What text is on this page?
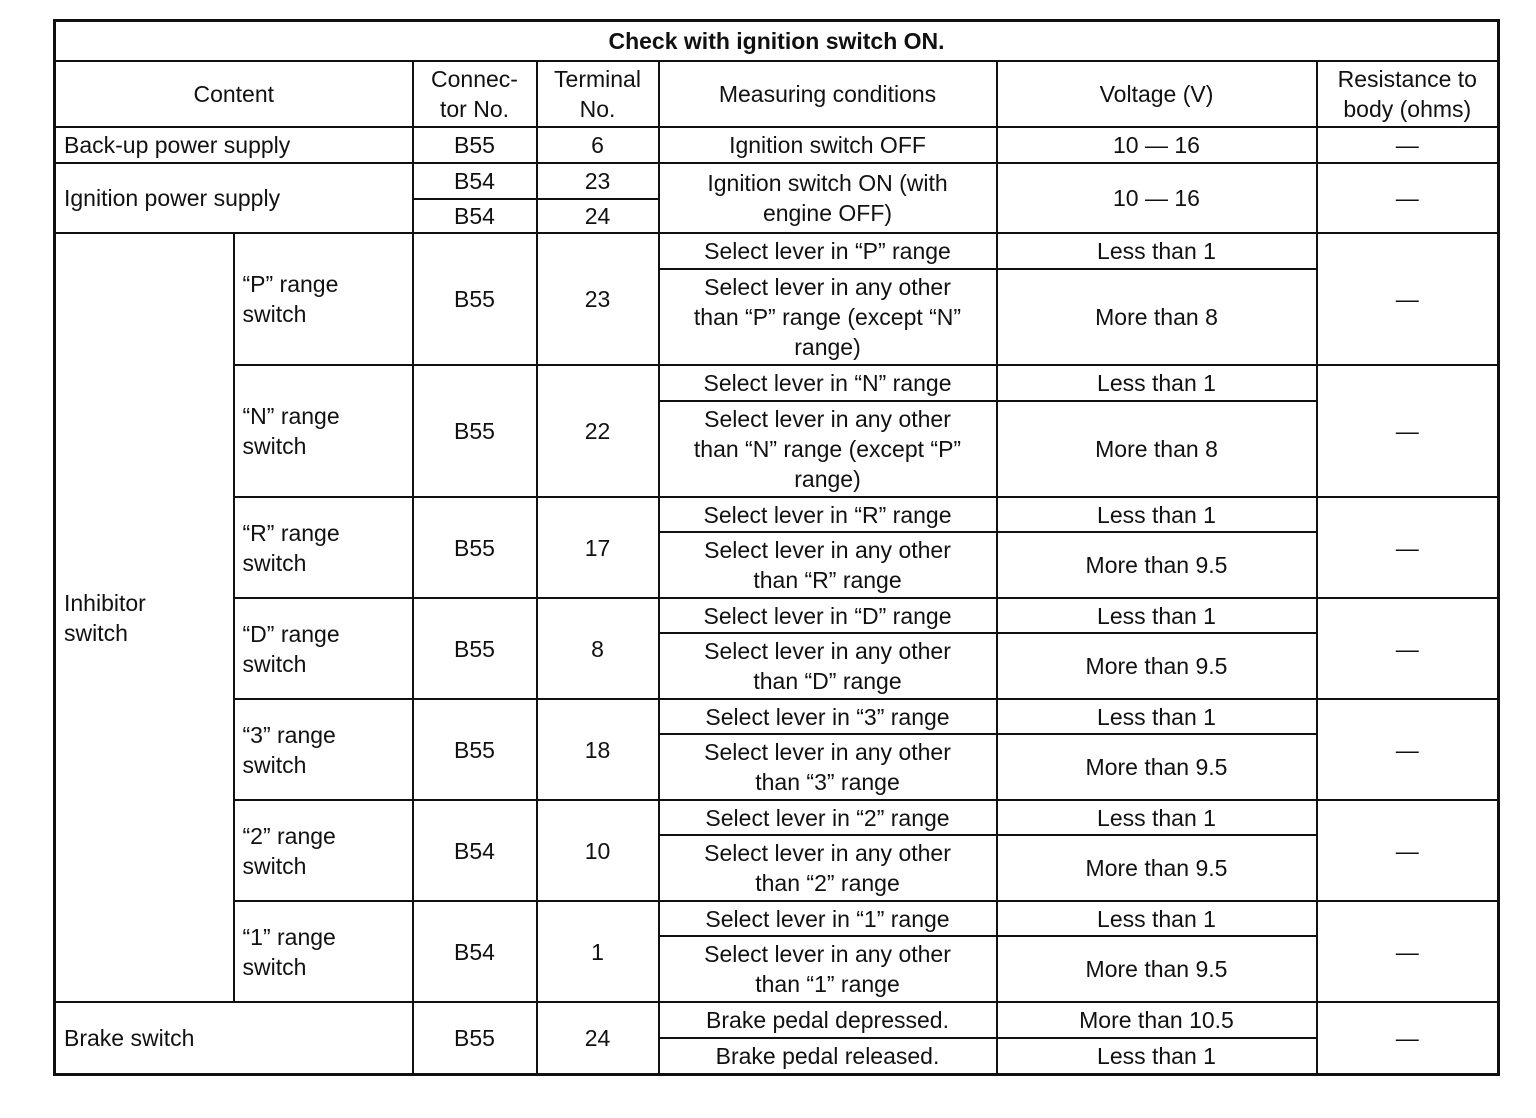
Check with ignition switch ON.						
Content		Connec-
tor No.	Terminal
No.	Measuring conditions	Voltage (V)	Resistance to
body (ohms)

Back-up power supply		B55	6	Ignition switch OFF	10 — 16	—
Ignition power supply		B54	23	Ignition switch ON (with
engine OFF)	10 — 16	—
		B54	24			

Inhibitor
switch	“P” range
switch	B55	23	Select lever in “P” range	Less than 1	—

				Select lever in any other
than “P” range (except “N”
range)	More than 8	

	“N” range
switch	B55	22	Select lever in “N” range	Less than 1	—

				Select lever in any other
than “N” range (except “P”
range)	More than 8	

	“R” range
switch	B55	17	Select lever in “R” range	Less than 1	—

				Select lever in any other
than “R” range	More than 9.5	

	“D” range
switch	B55	8	Select lever in “D” range	Less than 1	—

				Select lever in any other
than “D” range	More than 9.5	

	“3” range
switch	B55	18	Select lever in “3” range	Less than 1	—

				Select lever in any other
than “3” range	More than 9.5	

	“2” range
switch	B54	10	Select lever in “2” range	Less than 1	—

				Select lever in any other
than “2” range	More than 9.5	

	“1” range
switch	B54	1	Select lever in “1” range	Less than 1	—

				Select lever in any other
than “1” range	More than 9.5	
Brake switch		B55	24	Brake pedal depressed.	More than 10.5	—
				Brake pedal released.	Less than 1	
